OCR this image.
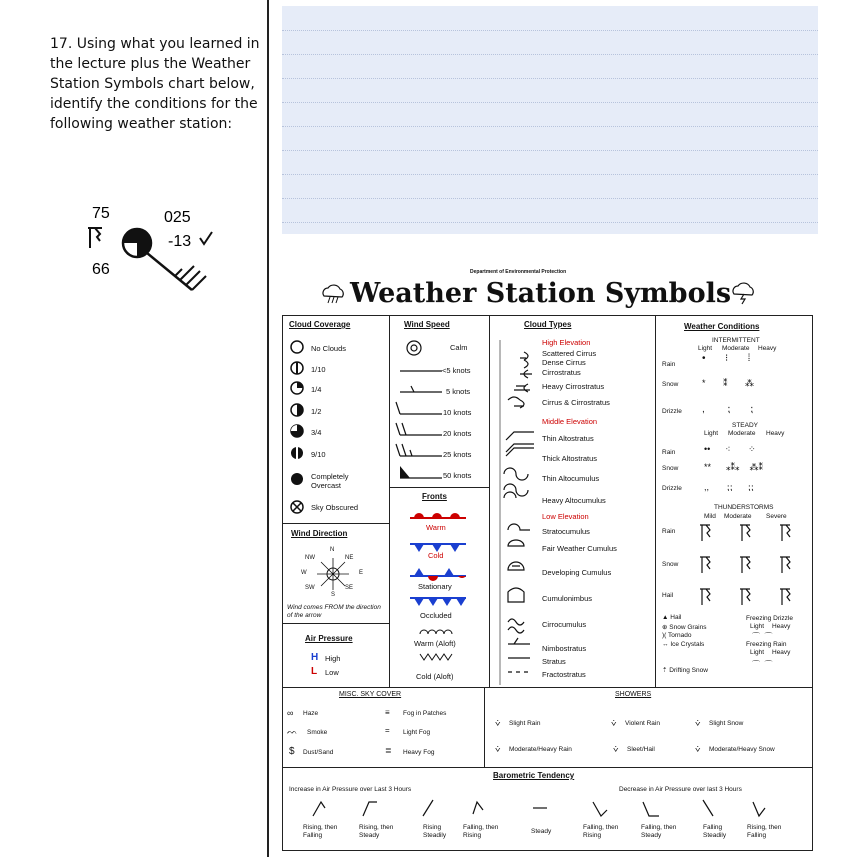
17. Using what you learned in the lecture plus the Weather Station Symbols chart below, identify the conditions for the following weather station:
75	025
66
-13
Department of Environmental Protection
Weather Station Symbols
Cloud Coverage
No Clouds
1/10
1/4
1/2
3/4
9/10
Completely Overcast
Sky Obscured
Wind Speed
Calm
<5 knots
5 knots
10 knots
20 knots
25 knots
50 knots
Wind Direction
N
NE
E
SE
S
SW
W
NW
Wind comes FROM the direction of the arrow
Air Pressure
H High
L Low
Fronts
Warm
Cold
Stationary
Occluded
Warm (Aloft)
Cold (Aloft)
Cloud Types
High Elevation
Scattered Cirrus
Dense Cirrus
Cirrostratus
Heavy Cirrostratus
Cirrus & Cirrostratus
Middle Elevation
Thin Altostratus
Thick Altostratus
Thin Altocumulus
Heavy Altocumulus
Low Elevation
Stratocumulus
Fair Weather Cumulus
Developing Cumulus
Cumulonimbus
Cirrocumulus
Nimbostratus
Stratus
Fractostratus
Weather Conditions
INTERMITTENT
Light Moderate Heavy
Rain
Snow
Drizzle
•       ⁝       ⁞
*       ⁑       ⁂
,        ⁏       ⁏
STEADY
Light Moderate Heavy
Rain
Snow
Drizzle
••      ⁖       ⁘
**      ⁎⁑⁎    ⁂⁑
,,       ⁏⁏      ⁏⁏
THUNDERSTORMS
Mild Moderate Severe
Rain
Snow
Hail
▲ Hail
⊕ Snow Grains
)( Tornado
↔ Ice Crystals
⇡ Drifting Snow
Freezing Drizzle
Light Heavy
⌒  ⌒
Freezing Rain
Light Heavy
⌒  ⌒
MISC. SKY COVER
∞ Haze
ᨓ Smoke
$ Dust/Sand
≡ Fog in Patches
= Light Fog
≣ Heavy Fog
SHOWERS
⩒ Slight Rain
⩒ Moderate/Heavy Rain
⩒ Violent Rain
⩒ Sleet/Hail
⩒ Slight Snow
⩒ Moderate/Heavy Snow
Barometric Tendency
Increase in Air Pressure over Last 3 Hours	Decrease in Air Pressure over last 3 Hours
Rising, then Falling
Rising, then Steady
Rising Steadily
Falling, then Rising
Steady
Falling, then Rising
Falling, then Steady
Falling Steadily
Rising, then Falling
